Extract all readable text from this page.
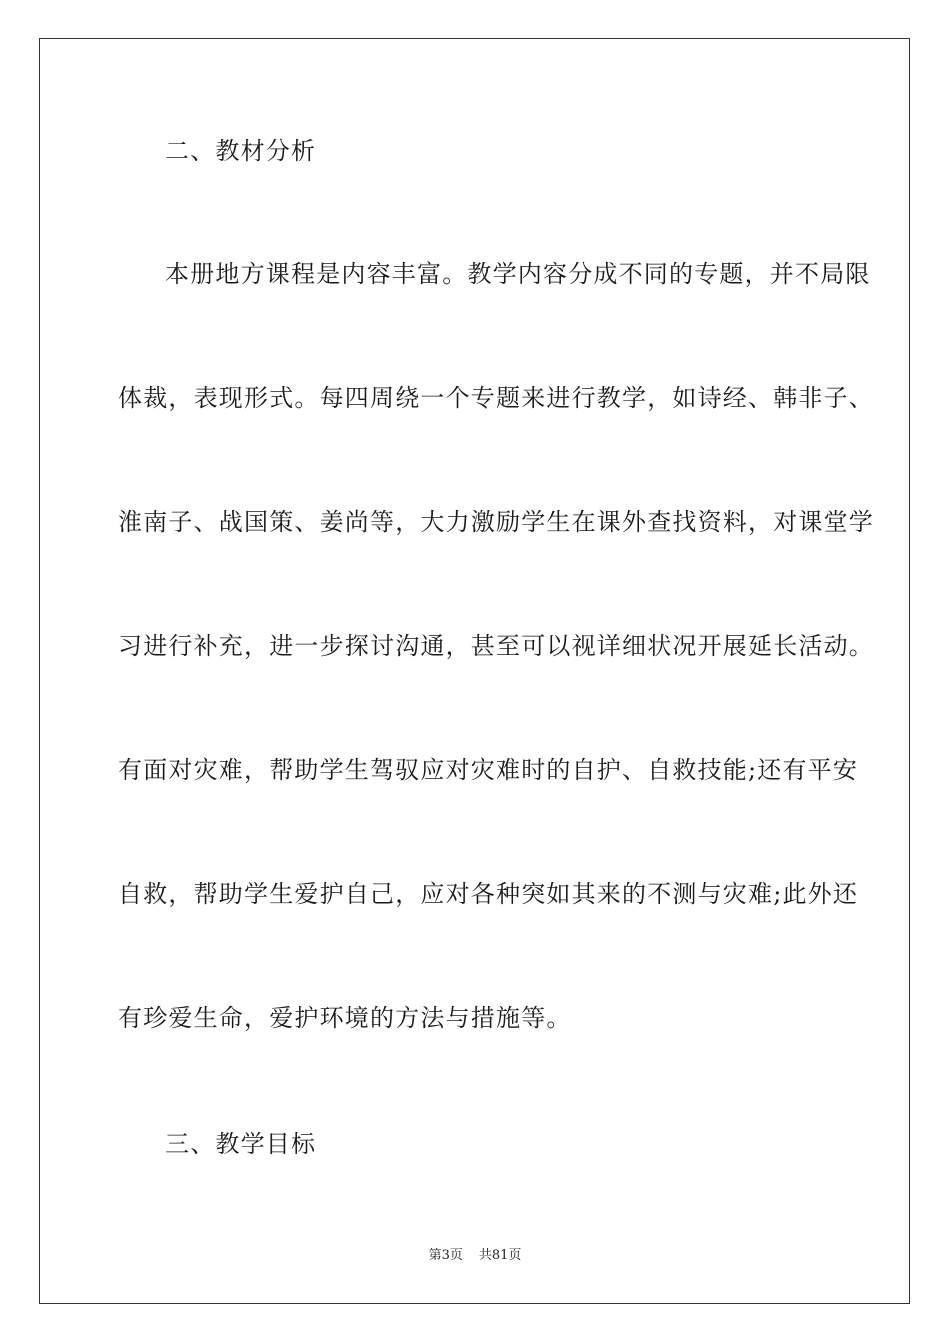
二、教材分析
本册地方课程是内容丰富。教学内容分成不同的专题，并不局限
体裁，表现形式。每四周绕一个专题来进行教学，如诗经、韩非子、
淮南子、战国策、姜尚等，大力激励学生在课外查找资料，对课堂学
习进行补充，进一步探讨沟通，甚至可以视详细状况开展延长活动。
有面对灾难，帮助学生驾驭应对灾难时的自护、自救技能;还有平安
自救，帮助学生爱护自己，应对各种突如其来的不测与灾难;此外还
有珍爱生命，爱护环境的方法与措施等。
三、教学目标
第3页 共81页
